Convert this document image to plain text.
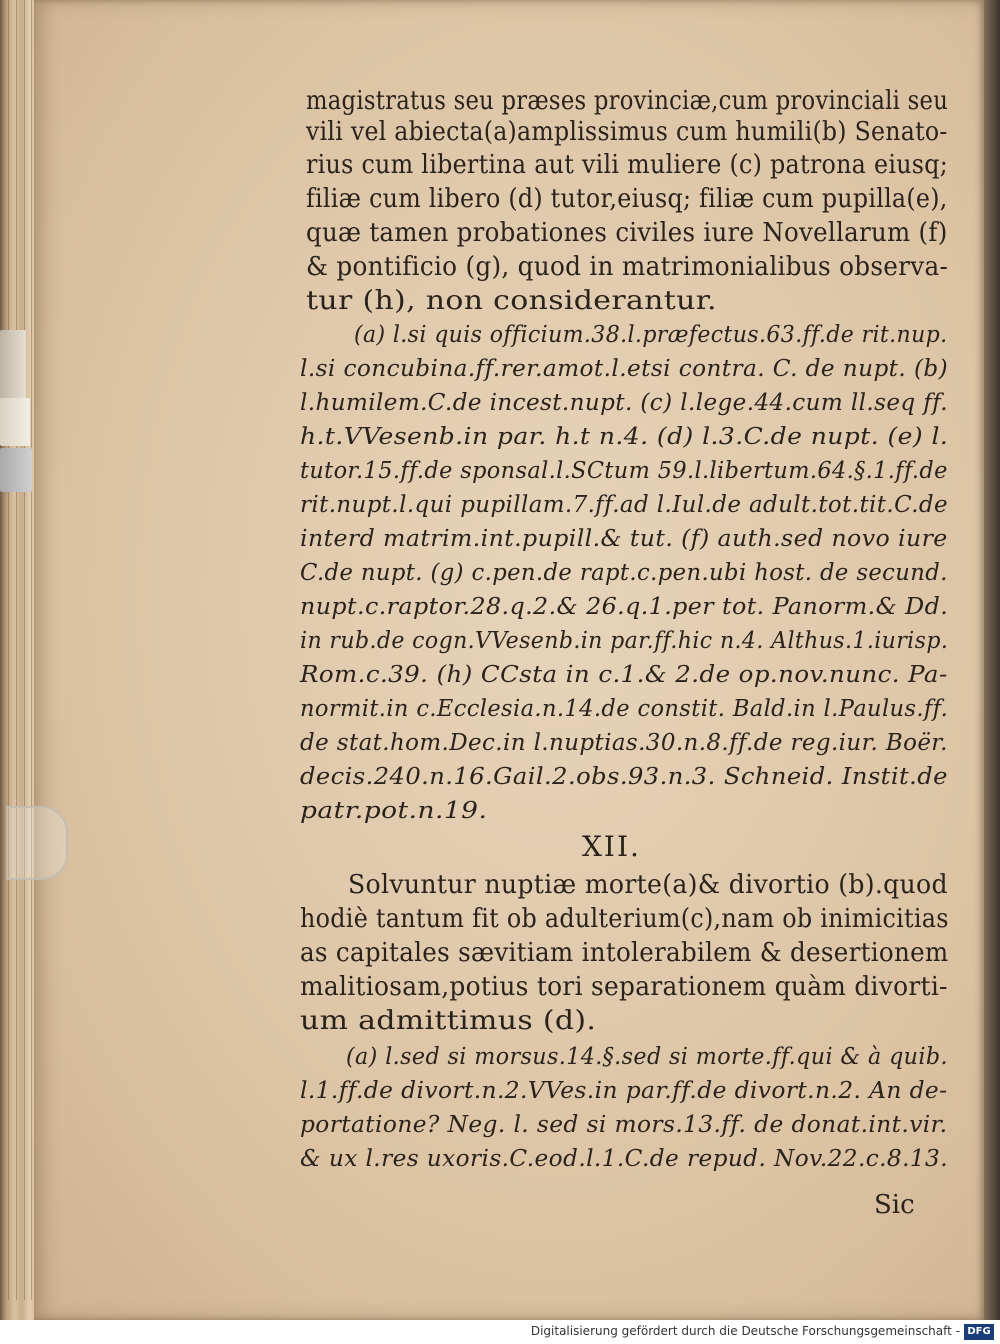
magistratus seu præses provinciæ,cum provinciali seu
vili vel abiecta(a)amplissimus cum humili(b) Senato-
rius cum libertina aut vili muliere (c) patrona eiusq;
filiæ cum libero (d) tutor,eiusq; filiæ cum pupilla(e),
quæ tamen probationes civiles iure Novellarum (f)
& pontificio (g), quod in matrimonialibus observa-
tur (h), non considerantur.
(a) l.si quis officium.38.l.præfectus.63.ff.de rit.nup.
l.si concubina.ff.rer.amot.l.etsi contra. C. de nupt. (b)
l.humilem.C.de incest.nupt. (c) l.lege.44.cum ll.seq ff.
h.t.VVesenb.in par. h.t n.4. (d) l.3.C.de nupt. (e) l.
tutor.15.ff.de sponsal.l.SCtum 59.l.libertum.64.§.1.ff.de
rit.nupt.l.qui pupillam.7.ff.ad l.Iul.de adult.tot.tit.C.de
interd matrim.int.pupill.& tut. (f) auth.sed novo iure
C.de nupt. (g) c.pen.de rapt.c.pen.ubi host. de secund.
nupt.c.raptor.28.q.2.& 26.q.1.per tot. Panorm.& Dd.
in rub.de cogn.VVesenb.in par.ff.hic n.4. Althus.1.iurisp.
Rom.c.39. (h) CCsta in c.1.& 2.de op.nov.nunc. Pa-
normit.in c.Ecclesia.n.14.de constit. Bald.in l.Paulus.ff.
de stat.hom.Dec.in l.nuptias.30.n.8.ff.de reg.iur. Boër.
decis.240.n.16.Gail.2.obs.93.n.3. Schneid. Instit.de
patr.pot.n.19.
XII.
Solvuntur nuptiæ morte(a)& divortio (b).quod
hodiè tantum fit ob adulterium(c),nam ob inimicitias
as capitales sævitiam intolerabilem & desertionem
malitiosam,potius tori separationem quàm divorti-
um admittimus (d).
(a) l.sed si morsus.14.§.sed si morte.ff.qui & à quib.
l.1.ff.de divort.n.2.VVes.in par.ff.de divort.n.2. An de-
portatione? Neg. l. sed si mors.13.ff. de donat.int.vir.
& ux l.res uxoris.C.eod.l.1.C.de repud. Nov.22.c.8.13.
Sic
Digitalisierung gefördert durch die Deutsche Forschungsgemeinschaft - DFG
